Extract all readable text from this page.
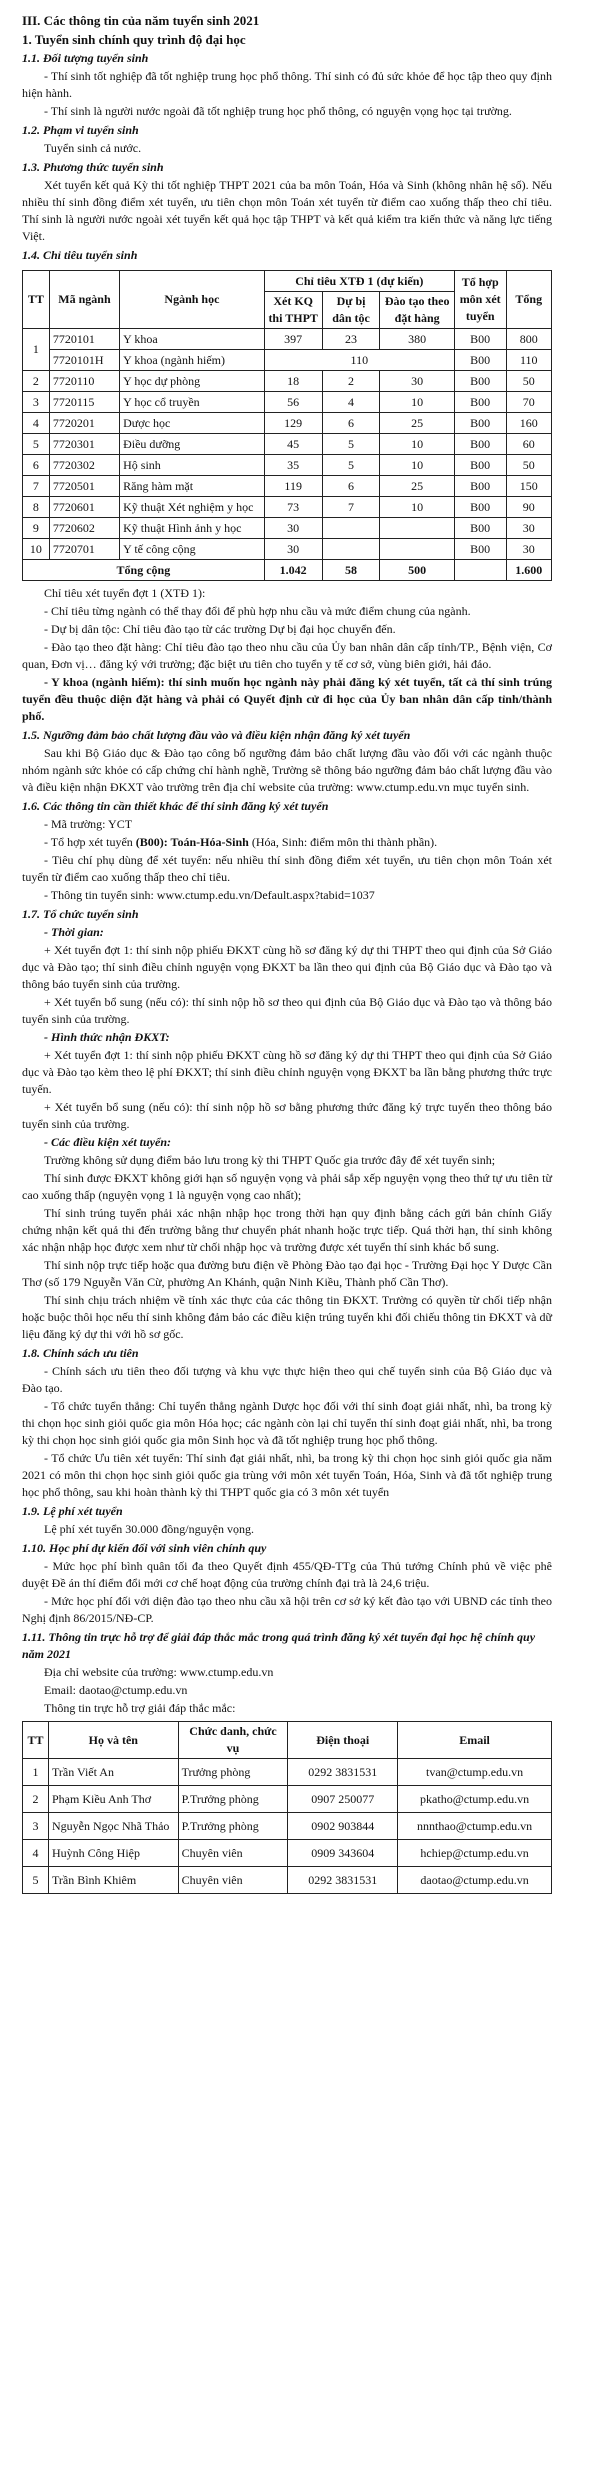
III. Các thông tin của năm tuyển sinh 2021
1. Tuyển sinh chính quy trình độ đại học
1.1. Đối tượng tuyển sinh
- Thí sinh tốt nghiệp đã tốt nghiệp trung học phổ thông. Thí sinh có đủ sức khỏe để học tập theo quy định hiện hành.
- Thí sinh là người nước ngoài đã tốt nghiệp trung học phổ thông, có nguyện vọng học tại trường.
1.2. Phạm vi tuyển sinh
Tuyển sinh cả nước.
1.3. Phương thức tuyển sinh
Xét tuyển kết quả Kỳ thi tốt nghiệp THPT 2021 của ba môn Toán, Hóa và Sinh (không nhân hệ số). Nếu nhiều thí sinh đồng điểm xét tuyển, ưu tiên chọn môn Toán xét tuyển từ điểm cao xuống thấp theo chỉ tiêu. Thí sinh là người nước ngoài xét tuyển kết quả học tập THPT và kết quả kiểm tra kiến thức và năng lực tiếng Việt.
1.4. Chỉ tiêu tuyển sinh
TT	Mã ngành	Ngành học	Chỉ tiêu XTĐ 1 (dự kiến)			Tổ hợp môn xét tuyển	Tổng
			Xét KQ thi THPT	Dự bị dân tộc	Đào tạo theo đặt hàng		
1	7720101	Y khoa	397	23	380	B00	800
	7720101H	Y khoa (ngành hiếm)	110			B00	110
2	7720110	Y học dự phòng	18	2	30	B00	50
3	7720115	Y học cổ truyền	56	4	10	B00	70
4	7720201	Dược học	129	6	25	B00	160
5	7720301	Điều dưỡng	45	5	10	B00	60
6	7720302	Hộ sinh	35	5	10	B00	50
7	7720501	Răng hàm mặt	119	6	25	B00	150
8	7720601	Kỹ thuật Xét nghiệm y học	73	7	10	B00	90
9	7720602	Kỹ thuật Hình ảnh y học	30			B00	30
10	7720701	Y tế công cộng	30			B00	30
Tổng cộng			1.042	58	500		1.600
Chỉ tiêu xét tuyển đợt 1 (XTĐ 1):
- Chỉ tiêu từng ngành có thể thay đổi để phù hợp nhu cầu và mức điểm chung của ngành.
- Dự bị dân tộc: Chỉ tiêu đào tạo từ các trường Dự bị đại học chuyển đến.
- Đào tạo theo đặt hàng: Chỉ tiêu đào tạo theo nhu cầu của Ủy ban nhân dân cấp tỉnh/TP., Bệnh viện, Cơ quan, Đơn vị… đăng ký với trường; đặc biệt ưu tiên cho tuyển y tế cơ sở, vùng biên giới, hải đảo.
- Y khoa (ngành hiếm): thí sinh muốn học ngành này phải đăng ký xét tuyển, tất cả thí sinh trúng tuyển đều thuộc diện đặt hàng và phải có Quyết định cử đi học của Ủy ban nhân dân cấp tỉnh/thành phố.
1.5. Ngưỡng đảm bảo chất lượng đầu vào và điều kiện nhận đăng ký xét tuyển
Sau khi Bộ Giáo dục & Đào tạo công bố ngưỡng đảm bảo chất lượng đầu vào đối với các ngành thuộc nhóm ngành sức khỏe có cấp chứng chỉ hành nghề, Trường sẽ thông báo ngưỡng đảm bảo chất lượng đầu vào và điều kiện nhận ĐKXT vào trường trên địa chỉ website của trường: www.ctump.edu.vn mục tuyển sinh.
1.6. Các thông tin cần thiết khác để thí sinh đăng ký xét tuyển
- Mã trường: YCT
- Tổ hợp xét tuyển (B00): Toán-Hóa-Sinh (Hóa, Sinh: điểm môn thi thành phần).
- Tiêu chí phụ dùng để xét tuyển: nếu nhiều thí sinh đồng điểm xét tuyển, ưu tiên chọn môn Toán xét tuyển từ điểm cao xuống thấp theo chỉ tiêu.
- Thông tin tuyển sinh: www.ctump.edu.vn/Default.aspx?tabid=1037
1.7. Tổ chức tuyển sinh
- Thời gian:
+ Xét tuyển đợt 1: thí sinh nộp phiếu ĐKXT cùng hồ sơ đăng ký dự thi THPT theo qui định của Sở Giáo dục và Đào tạo; thí sinh điều chỉnh nguyện vọng ĐKXT ba lần theo qui định của Bộ Giáo dục và Đào tạo và thông báo tuyển sinh của trường.
+ Xét tuyển bổ sung (nếu có): thí sinh nộp hồ sơ theo qui định của Bộ Giáo dục và Đào tạo và thông báo tuyển sinh của trường.
- Hình thức nhận ĐKXT:
+ Xét tuyển đợt 1: thí sinh nộp phiếu ĐKXT cùng hồ sơ đăng ký dự thi THPT theo qui định của Sở Giáo dục và Đào tạo kèm theo lệ phí ĐKXT; thí sinh điều chỉnh nguyện vọng ĐKXT ba lần bằng phương thức trực tuyến.
+ Xét tuyển bổ sung (nếu có): thí sinh nộp hồ sơ bằng phương thức đăng ký trực tuyến theo thông báo tuyển sinh của trường.
- Các điều kiện xét tuyển:
Trường không sử dụng điểm bảo lưu trong kỳ thi THPT Quốc gia trước đây để xét tuyển sinh;
Thí sinh được ĐKXT không giới hạn số nguyện vọng và phải sắp xếp nguyện vọng theo thứ tự ưu tiên từ cao xuống thấp (nguyện vọng 1 là nguyện vọng cao nhất);
Thí sinh trúng tuyển phải xác nhận nhập học trong thời hạn quy định bằng cách gửi bản chính Giấy chứng nhận kết quả thi đến trường bằng thư chuyển phát nhanh hoặc trực tiếp. Quá thời hạn, thí sinh không xác nhận nhập học được xem như từ chối nhập học và trường được xét tuyển thí sinh khác bổ sung.
Thí sinh nộp trực tiếp hoặc qua đường bưu điện về Phòng Đào tạo đại học - Trường Đại học Y Dược Cần Thơ (số 179 Nguyễn Văn Cừ, phường An Khánh, quận Ninh Kiều, Thành phố Cần Thơ).
Thí sinh chịu trách nhiệm về tính xác thực của các thông tin ĐKXT. Trường có quyền từ chối tiếp nhận hoặc buộc thôi học nếu thí sinh không đảm bảo các điều kiện trúng tuyển khi đối chiếu thông tin ĐKXT và dữ liệu đăng ký dự thi với hồ sơ gốc.
1.8. Chính sách ưu tiên
- Chính sách ưu tiên theo đối tượng và khu vực thực hiện theo qui chế tuyển sinh của Bộ Giáo dục và Đào tạo.
- Tổ chức tuyển thẳng: Chỉ tuyển thẳng ngành Dược học đối với thí sinh đoạt giải nhất, nhì, ba trong kỳ thi chọn học sinh giỏi quốc gia môn Hóa học; các ngành còn lại chỉ tuyển thí sinh đoạt giải nhất, nhì, ba trong kỳ thi chọn học sinh giỏi quốc gia môn Sinh học và đã tốt nghiệp trung học phổ thông.
- Tổ chức Ưu tiên xét tuyển: Thí sinh đạt giải nhất, nhì, ba trong kỳ thi chọn học sinh giỏi quốc gia năm 2021 có môn thi chọn học sinh giỏi quốc gia trùng với môn xét tuyển Toán, Hóa, Sinh và đã tốt nghiệp trung học phổ thông, sau khi hoàn thành kỳ thi THPT quốc gia có 3 môn xét tuyển
1.9. Lệ phí xét tuyển
Lệ phí xét tuyển 30.000 đồng/nguyện vọng.
1.10. Học phí dự kiến đối với sinh viên chính quy
- Mức học phí bình quân tối đa theo Quyết định 455/QĐ-TTg của Thủ tướng Chính phủ về việc phê duyệt Đề án thí điểm đổi mới cơ chế hoạt động của trường chính đại trà là 24,6 triệu.
- Mức học phí đối với diện đào tạo theo nhu cầu xã hội trên cơ sở ký kết đào tạo với UBND các tỉnh theo Nghị định 86/2015/NĐ-CP.
1.11. Thông tin trực hỗ trợ để giải đáp thắc mắc trong quá trình đăng ký xét tuyển đại học hệ chính quy năm 2021
Địa chỉ website của trường: www.ctump.edu.vn
Email: daotao@ctump.edu.vn
Thông tin trực hỗ trợ giải đáp thắc mắc:
TT	Họ và tên	Chức danh, chức vụ	Điện thoại	Email
1	Trần Viết An	Trưởng phòng	0292 3831531	tvan@ctump.edu.vn
2	Phạm Kiều Anh Thơ	P.Trưởng phòng	0907 250077	pkatho@ctump.edu.vn
3	Nguyễn Ngọc Nhã Thảo	P.Trưởng phòng	0902 903844	nnnthao@ctump.edu.vn
4	Huỳnh Công Hiệp	Chuyên viên	0909 343604	hchiep@ctump.edu.vn
5	Trần Bình Khiêm	Chuyên viên	0292 3831531	daotao@ctump.edu.vn
